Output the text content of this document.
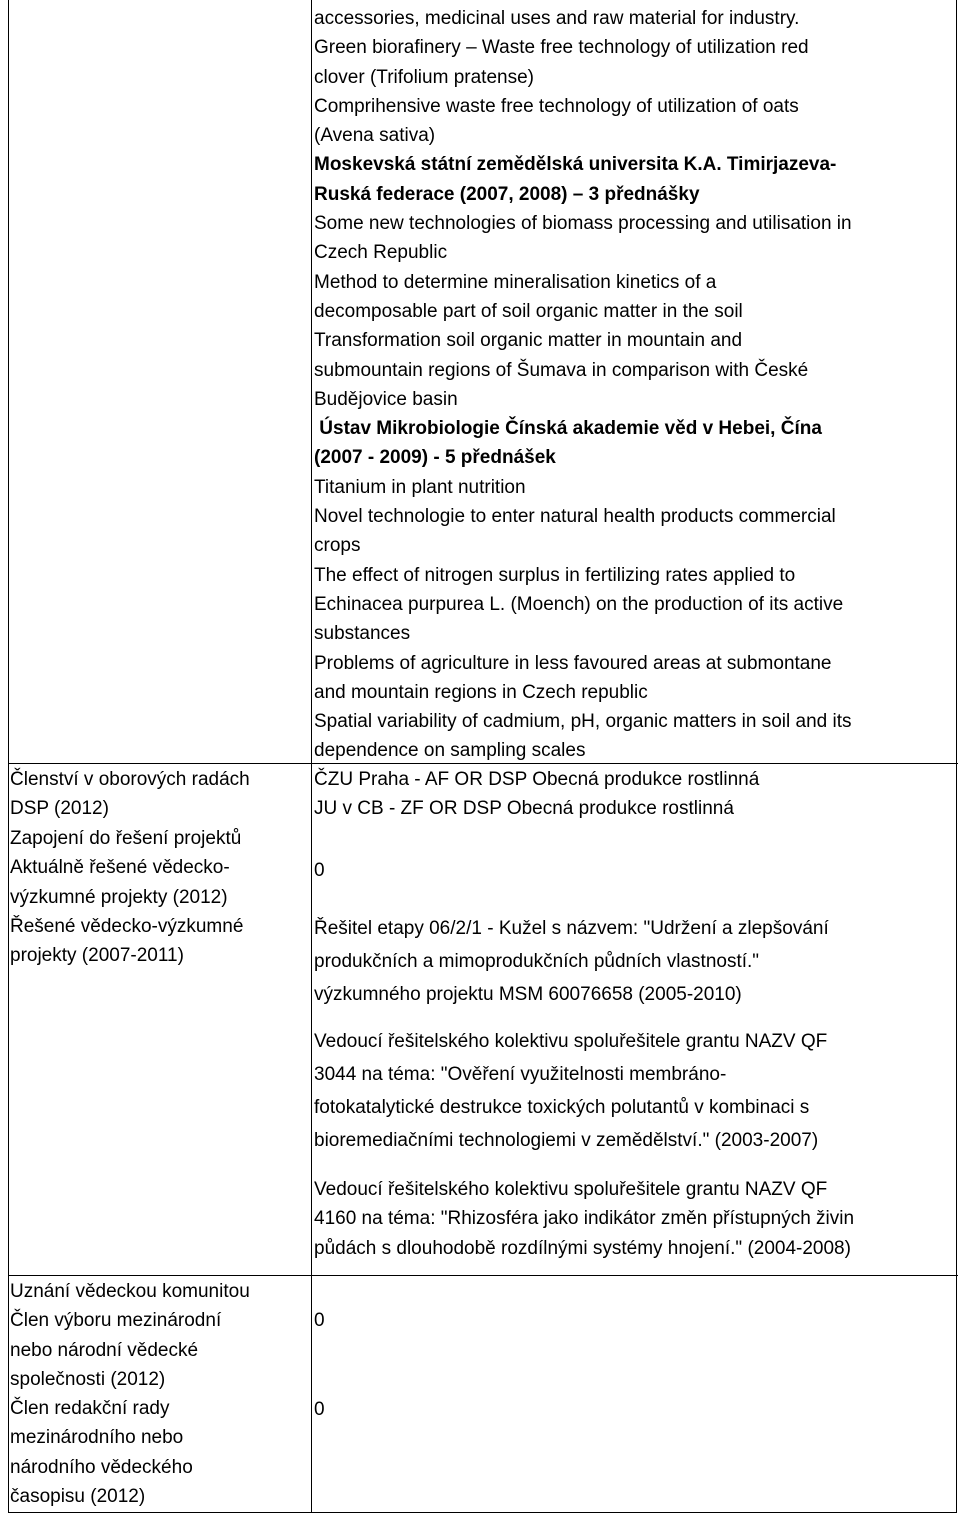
accessories, medicinal uses and raw material for industry.
Green biorafinery – Waste free technology of utilization red
clover (Trifolium pratense)
Comprihensive waste free technology of utilization of oats
(Avena sativa)
Moskevská státní zemědělská universita K.A. Timirjazeva-
Ruská federace (2007, 2008) – 3 přednášky
Some new technologies of biomass processing and utilisation in
Czech Republic
Method to determine mineralisation kinetics of a
decomposable part of soil organic matter in the soil
Transformation soil organic matter in mountain and
submountain regions of Šumava in comparison with České
Budějovice basin
Ústav Mikrobiologie Čínská akademie věd v Hebei, Čína
(2007 - 2009) - 5 přednášek
Titanium in plant nutrition
Novel technologie to enter natural health products commercial
crops
The effect of nitrogen surplus in fertilizing rates applied to
Echinacea purpurea L. (Moench) on the production of its active
substances
Problems of agriculture in less favoured areas at submontane
and mountain regions in Czech republic
Spatial variability of cadmium, pH, organic matters in soil and its
dependence on sampling scales
Členství v oborových radách
DSP (2012)
ČZU Praha - AF OR DSP Obecná produkce rostlinná
JU v CB - ZF OR DSP Obecná produkce rostlinná
Zapojení do řešení projektů
Aktuálně řešené vědecko-
výzkumné projekty (2012)
Řešené vědecko-výzkumné
projekty (2007-2011)
0
Řešitel etapy 06/2/1 - Kužel s názvem: "Udržení a zlepšování
produkčních a mimoprodukčních půdních vlastností."
výzkumného projektu MSM 60076658 (2005-2010)
Vedoucí řešitelského kolektivu spoluřešitele grantu NAZV QF
3044 na téma: "Ověření využitelnosti membráno-
fotokatalytické destrukce toxických polutantů v kombinaci s
bioremediačními technologiemi v zemědělství." (2003-2007)
Vedoucí řešitelského kolektivu spoluřešitele grantu NAZV QF
4160 na téma: "Rhizosféra jako indikátor změn přístupných živin
půdách s dlouhodobě rozdílnými systémy hnojení." (2004-2008)
Uznání vědeckou komunitou
Člen výboru mezinárodní
nebo národní vědecké
společnosti (2012)
Člen redakční rady
mezinárodního nebo
národního vědeckého
časopisu (2012)
0
0
